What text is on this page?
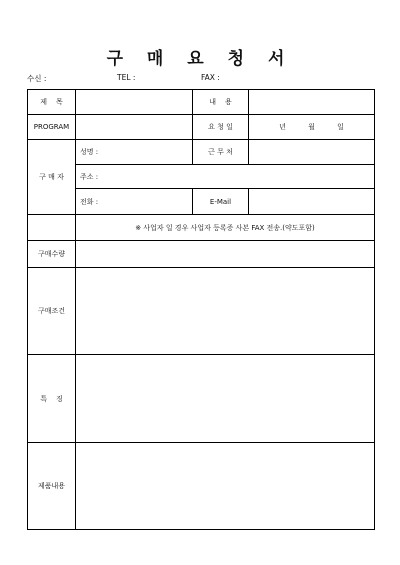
구 매 요 청 서
수신 :	TEL :	FAX :
제    목		내    용	
PROGRAM		요 청 일	년 월 일
구 매 자	성명 :	근 무 처	
	주소 :		
	전화 :	E-Mail	
	※ 사업자 일 경우 사업자 등록증 사본 FAX 전송.(약도포함)		
구매수량			
구매조건			
특    징			
제품내용			
